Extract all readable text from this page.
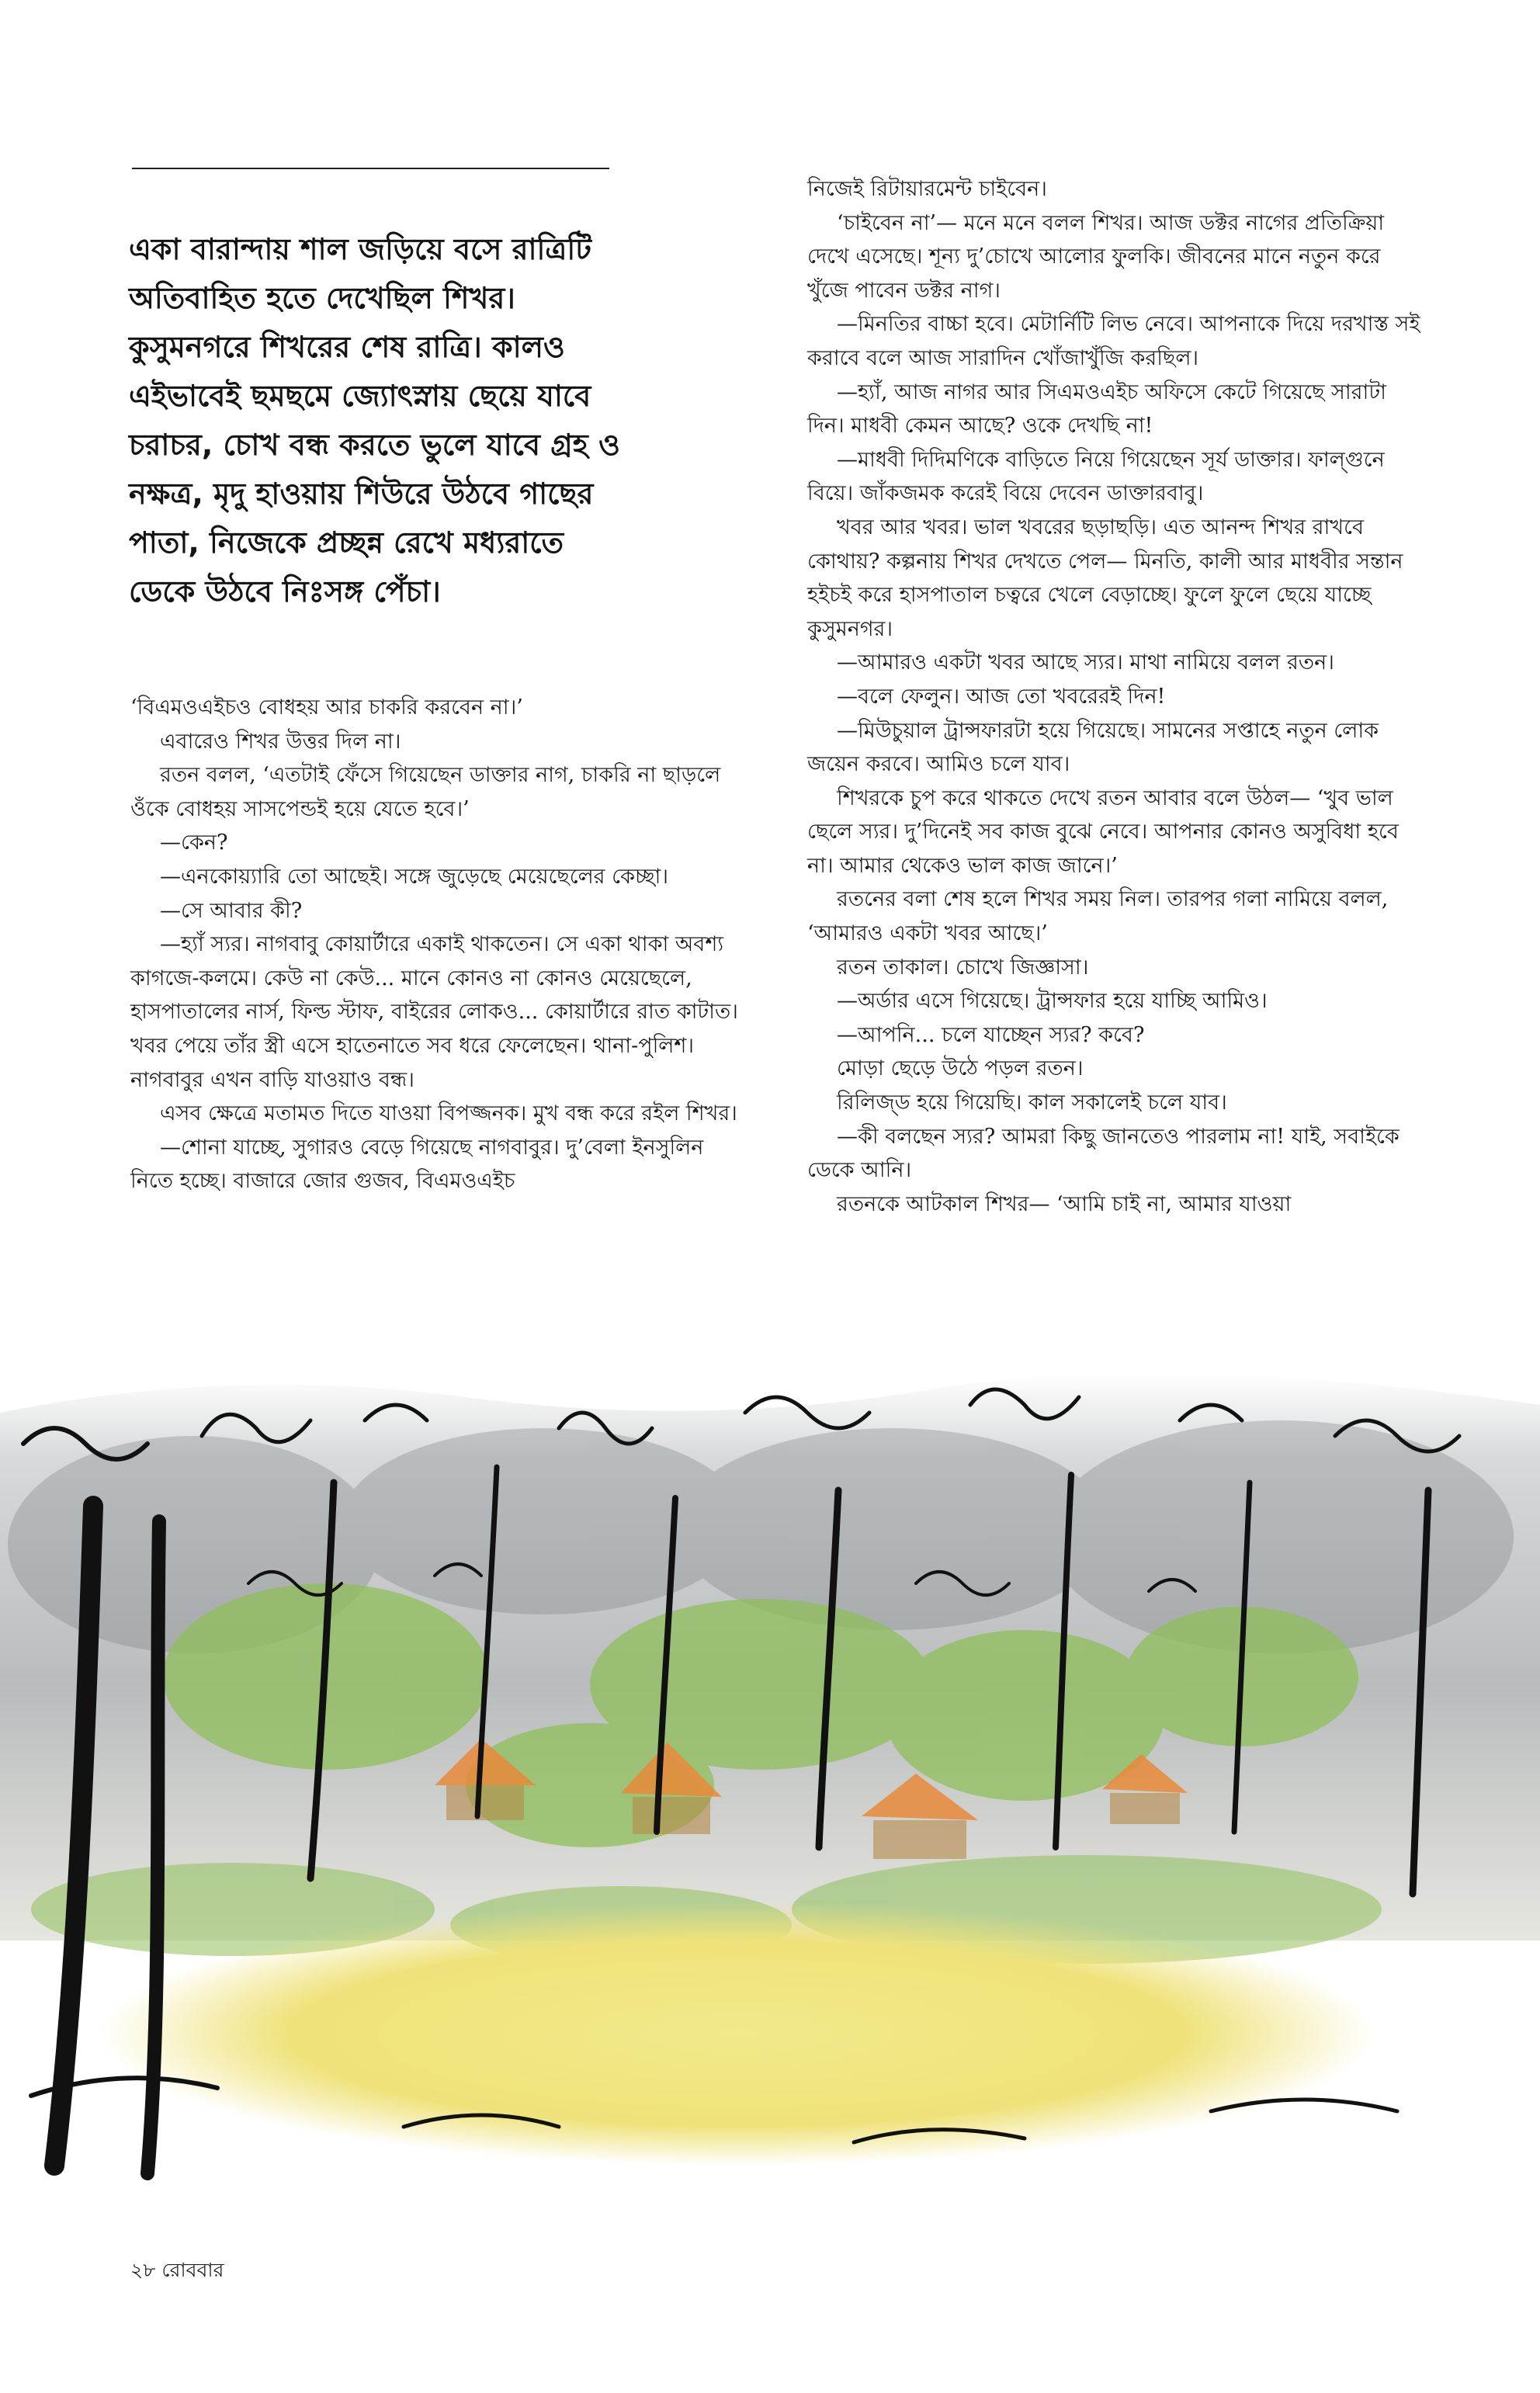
একা বারান্দায় শাল জড়িয়ে বসে রাত্রিটি

অতিবাহিত হতে দেখেছিল শিখর।

কুসুমনগরে শিখরের শেষ রাত্রি। কালও

এইভাবেই ছমছমে জ্যোৎস্নায় ছেয়ে যাবে

চরাচর, চোখ বন্ধ করতে ভুলে যাবে গ্রহ ও

নক্ষত্র, মৃদু হাওয়ায় শিউরে উঠবে গাছের

পাতা, নিজেকে প্রচ্ছন্ন রেখে মধ্যরাতে

ডেকে উঠবে নিঃসঙ্গ পেঁচা।

‘বিএমওএইচও বোধহয় আর চাকরি করবেন না।’

এবারেও শিখর উত্তর দিল না।

রতন বলল, ‘এতটাই ফেঁসে গিয়েছেন ডাক্তার নাগ, চাকরি না ছাড়লে ওঁকে বোধহয় সাসপেন্ডই হয়ে যেতে হবে।’

—কেন?

—এনকোয়্যারি তো আছেই। সঙ্গে জুড়েছে মেয়েছেলের কেচ্ছা।

—সে আবার কী?

—হ্যাঁ স্যর। নাগবাবু কোয়ার্টারে একাই থাকতেন। সে একা থাকা অবশ্য কাগজে-কলমে। কেউ না কেউ... মানে কোনও না কোনও মেয়েছেলে, হাসপাতালের নার্স, ফিল্ড স্টাফ, বাইরের লোকও... কোয়ার্টারে রাত কাটাত। খবর পেয়ে তাঁর স্ত্রী এসে হাতেনাতে সব ধরে ফেলেছেন। থানা-পুলিশ। নাগবাবুর এখন বাড়ি যাওয়াও বন্ধ।

এসব ক্ষেত্রে মতামত দিতে যাওয়া বিপজ্জনক। মুখ বন্ধ করে রইল শিখর।

—শোনা যাচ্ছে, সুগারও বেড়ে গিয়েছে নাগবাবুর। দু’বেলা ইনসুলিন নিতে হচ্ছে। বাজারে জোর গুজব, বিএমওএইচ

নিজেই রিটায়ারমেন্ট চাইবেন।

‘চাইবেন না’— মনে মনে বলল শিখর। আজ ডক্টর নাগের প্রতিক্রিয়া দেখে এসেছে। শূন্য দু’চোখে আলোর ফুলকি। জীবনের মানে নতুন করে খুঁজে পাবেন ডক্টর নাগ।

—মিনতির বাচ্চা হবে। মেটার্নিটি লিভ নেবে। আপনাকে দিয়ে দরখাস্ত সই করাবে বলে আজ সারাদিন খোঁজাখুঁজি করছিল।

—হ্যাঁ, আজ নাগর আর সিএমওএইচ অফিসে কেটে গিয়েছে সারাটা দিন। মাধবী কেমন আছে? ওকে দেখছি না!

—মাধবী দিদিমণিকে বাড়িতে নিয়ে গিয়েছেন সূর্য ডাক্তার। ফাল্গুনে বিয়ে। জাঁকজমক করেই বিয়ে দেবেন ডাক্তারবাবু।

খবর আর খবর। ভাল খবরের ছড়াছড়ি। এত আনন্দ শিখর রাখবে কোথায়? কল্পনায় শিখর দেখতে পেল— মিনতি, কালী আর মাধবীর সন্তান হইচই করে হাসপাতাল চত্বরে খেলে বেড়াচ্ছে। ফুলে ফুলে ছেয়ে যাচ্ছে কুসুমনগর।

—আমারও একটা খবর আছে স্যর। মাথা নামিয়ে বলল রতন।

—বলে ফেলুন। আজ তো খবরেরই দিন!

—মিউচুয়াল ট্রান্সফারটা হয়ে গিয়েছে। সামনের সপ্তাহে নতুন লোক জয়েন করবে। আমিও চলে যাব।

শিখরকে চুপ করে থাকতে দেখে রতন আবার বলে উঠল— ‘খুব ভাল ছেলে স্যর। দু’দিনেই সব কাজ বুঝে নেবে। আপনার কোনও অসুবিধা হবে না। আমার থেকেও ভাল কাজ জানে।’

রতনের বলা শেষ হলে শিখর সময় নিল। তারপর গলা নামিয়ে বলল, ‘আমারও একটা খবর আছে।’

রতন তাকাল। চোখে জিজ্ঞাসা।

—অর্ডার এসে গিয়েছে। ট্রান্সফার হয়ে যাচ্ছি আমিও।

—আপনি... চলে যাচ্ছেন স্যর? কবে?

মোড়া ছেড়ে উঠে পড়ল রতন।

রিলিজ্‌ড হয়ে গিয়েছি। কাল সকালেই চলে যাব।

—কী বলছেন স্যর? আমরা কিছু জানতেও পারলাম না! যাই, সবাইকে ডেকে আনি।

রতনকে আটকাল শিখর— ‘আমি চাই না, আমার যাওয়া

২৮ রোববার
